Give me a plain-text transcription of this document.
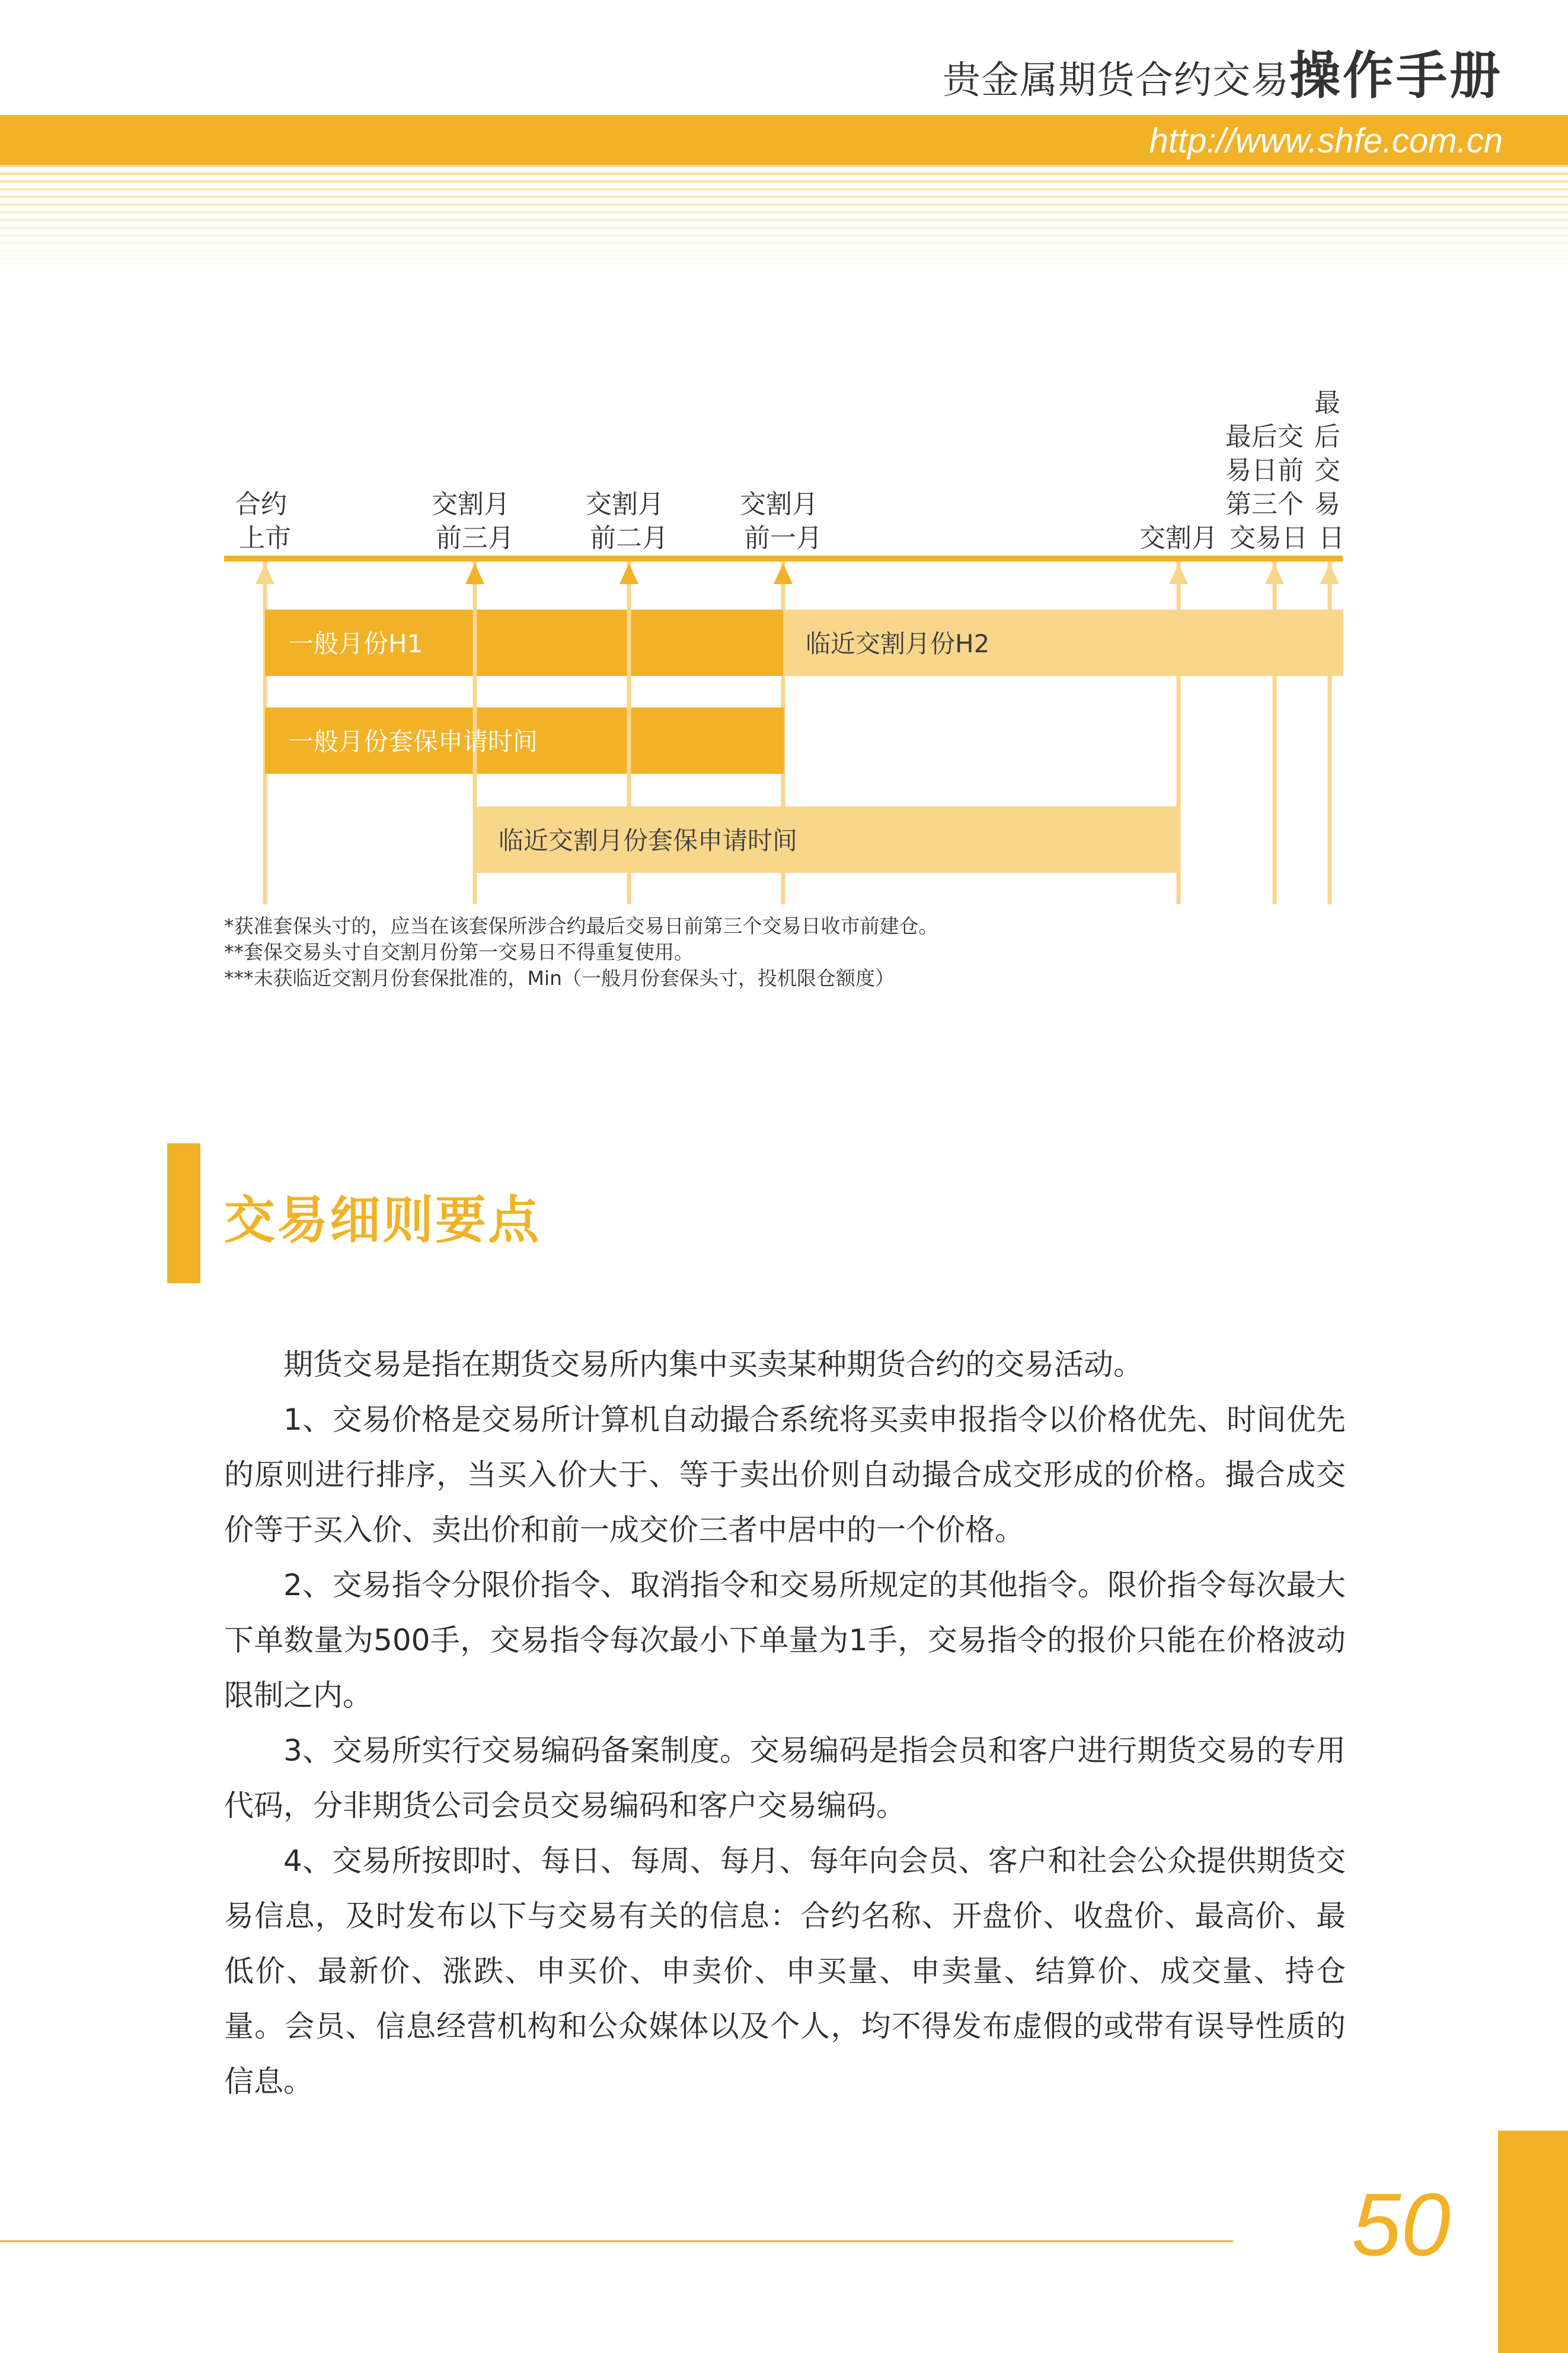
贵金属期货合约交易操作手册
http://www.shfe.com.cn
合约 上市
交割月 前三月
交割月 前二月
交割月 前一月	交割月
最后交 易日前 第三个 交易日
最 后 交 易 日
一般月份H1	临近交割月份H2
一般月份套保申请时间
临近交割月份套保申请时间
*获准套保头寸的，应当在该套保所涉合约最后交易日前第三个交易日收市前建仓。
**套保交易头寸自交割月份第一交易日不得重复使用。
***未获临近交割月份套保批准的，Min（一般月份套保头寸，投机限仓额度）
交易细则要点

期货交易是指在期货交易所内集中买卖某种期货合约的交易活动。

1、交易价格是交易所计算机自动撮合系统将买卖申报指令以价格优先、时间优先的原则进行排序，当买入价大于、等于卖出价则自动撮合成交形成的价格。撮合成交价等于买入价、卖出价和前一成交价三者中居中的一个价格。

2、交易指令分限价指令、取消指令和交易所规定的其他指令。限价指令每次最大下单数量为500手，交易指令每次最小下单量为1手，交易指令的报价只能在价格波动限制之内。

3、交易所实行交易编码备案制度。交易编码是指会员和客户进行期货交易的专用代码，分非期货公司会员交易编码和客户交易编码。

4、交易所按即时、每日、每周、每月、每年向会员、客户和社会公众提供期货交易信息，及时发布以下与交易有关的信息：合约名称、开盘价、收盘价、最高价、最低价、最新价、涨跌、申买价、申卖价、申买量、申卖量、结算价、成交量、持仓量。会员、信息经营机构和公众媒体以及个人，均不得发布虚假的或带有误导性质的信息。

50
